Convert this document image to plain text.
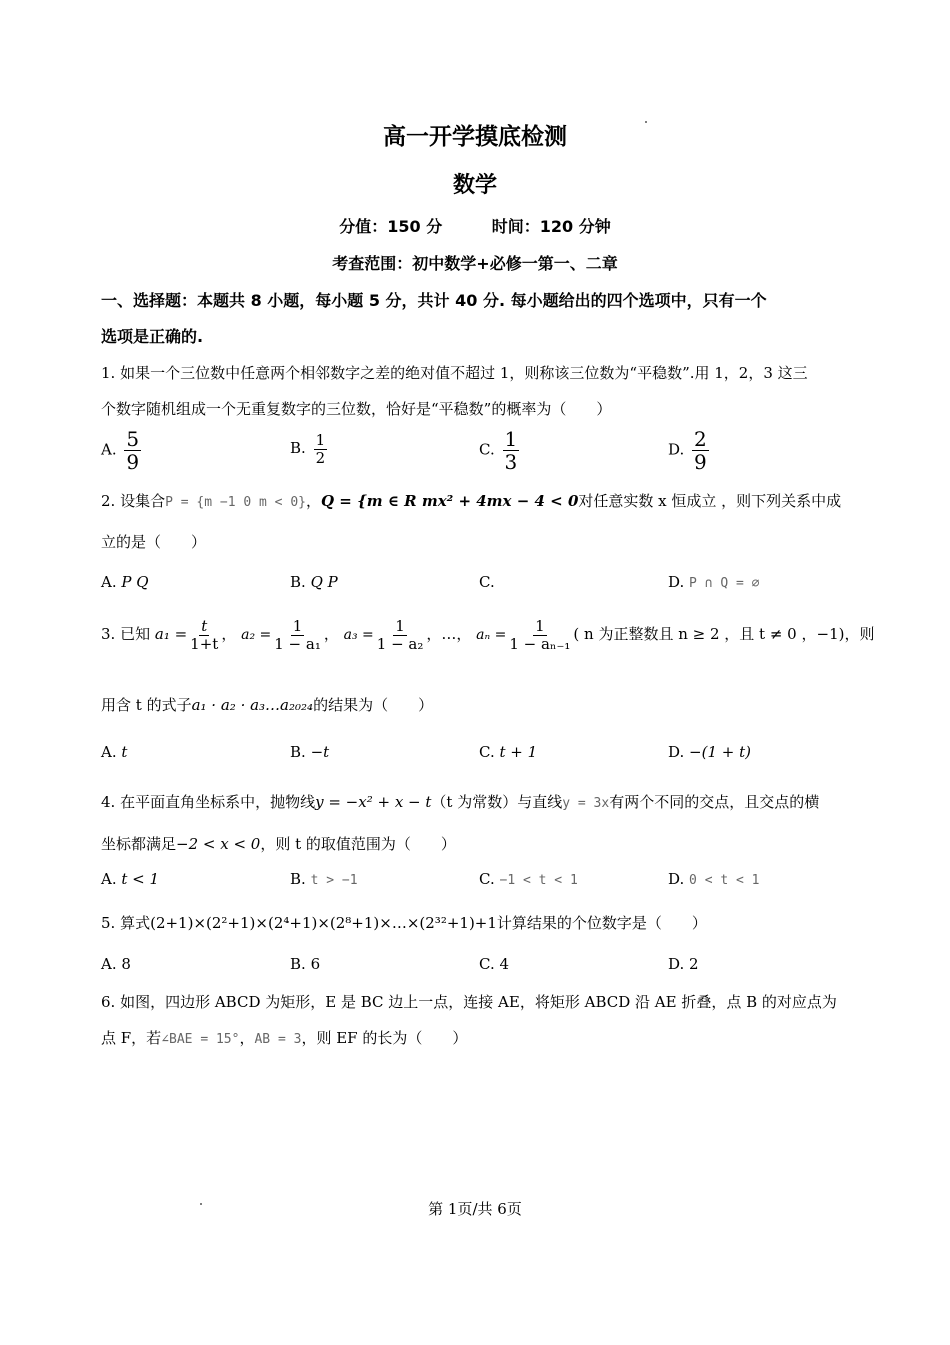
高一开学摸底检测
数学
分值：150 分	时间：120 分钟
考查范围：初中数学+必修一第一、二章
一、选择题：本题共 8 小题，每小题 5 分，共计 40 分. 每小题给出的四个选项中，只有一个
选项是正确的.
1. 如果一个三位数中任意两个相邻数字之差的绝对值不超过 1，则称该三位数为“平稳数”.用 1，2，3 这三
个数字随机组成一个无重复数字的三位数，恰好是“平稳数”的概率为（　　）
A. $\frac{5}{9}$	B. $\frac{1}{2}$	C. $\frac{1}{3}$	D. $\frac{2}{9}$
2. 设集合P = {m −1 0 m < 0}，Q = {m ∈ R mx² + 4mx − 4 < 0对任意实数 x 恒成立 ，则下列关系中成
立的是（　　）
A. P Q	B. Q P	C.	D. P ∩ Q = ∅
3. 已知 $a_1 = \frac{t}{1+t}$ ， $a_2 = \frac{1}{\text{1 − a₁}}$ ， $a_3 = \frac{1}{\text{1 − a₂}}$ ，…， $a_n = \frac{1}{\text{1 − aₙ₋₁}}$ ( n 为正整数且 n ≥ 2 ，且 t ≠ 0 ，−1)，则
用含 t 的式子a₁ · a₂ · a₃…a₂₀₂₄的结果为（　　）
A. t	B. −t	C. t + 1	D. −(1 + t)
4. 在平面直角坐标系中，抛物线y = −x² + x − t（t 为常数）与直线y = 3x有两个不同的交点，且交点的横
坐标都满足−2 < x < 0，则 t 的取值范围为（　　）
A. t < 1	B. t > −1	C. −1 < t < 1	D. 0 < t < 1
5. 算式(2+1)×(2²+1)×(2⁴+1)×(2⁸+1)×…×(2³²+1)+1计算结果的个位数字是（　　）
A. 8	B. 6	C. 4	D. 2
6. 如图，四边形 ABCD 为矩形，E 是 BC 边上一点，连接 AE，将矩形 ABCD 沿 AE 折叠，点 B 的对应点为
点 F，若∠BAE = 15°，AB = 3，则 EF 的长为（　　）
第 1页/共 6页
